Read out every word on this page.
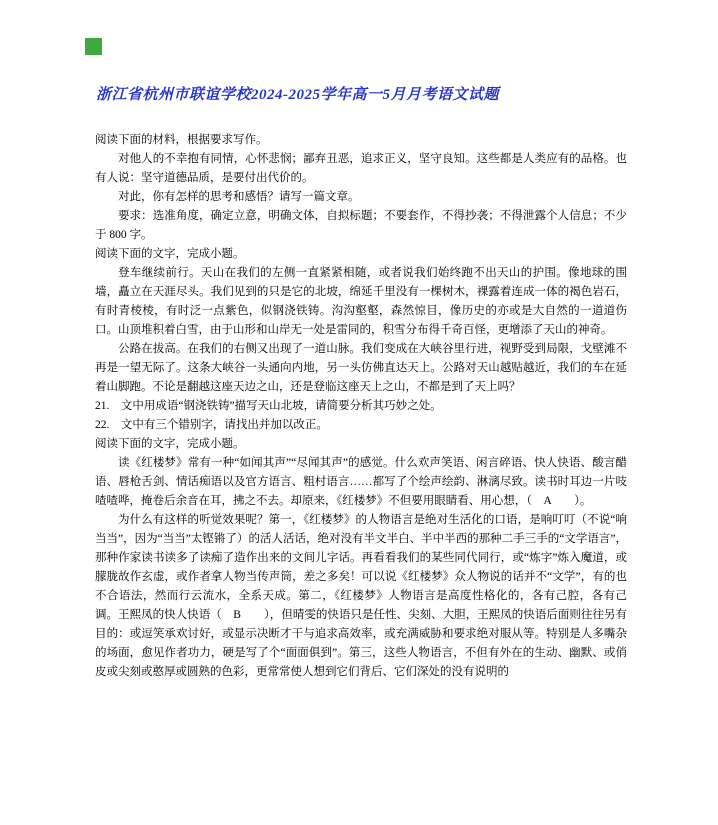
浙江省杭州市联谊学校2024-2025学年高一5月月考语文试题

阅读下面的材料，根据要求写作。

对他人的不幸抱有同情，心怀悲悯；鄙弃丑恶，追求正义，坚守良知。这些都是人类应有的品格。也有人说：坚守道德品质，是要付出代价的。

对此，你有怎样的思考和感悟？请写一篇文章。

要求：选准角度，确定立意，明确文体，自拟标题；不要套作，不得抄袭；不得泄露个人信息；不少于 800 字。

阅读下面的文字，完成小题。

登车继续前行。天山在我们的左侧一直紧紧相随，或者说我们始终跑不出天山的护围。像地球的围墙，矗立在天涯尽头。我们见到的只是它的北坡，绵延千里没有一棵树木，裸露着连成一体的褐色岩石，有时青棱棱，有时泛一点紫色，似钢浇铁铸。沟沟壑壑，森然惊目，像历史的亦或是大自然的一道道伤口。山顶堆积着白雪，由于山形和山岸无一处是雷同的，积雪分布得千奇百怪，更增添了天山的神奇。

公路在拔高。在我们的右侧又出现了一道山脉。我们变成在大峡谷里行进，视野受到局限，戈壁滩不再是一望无际了。这条大峡谷一头通向内地，另一头仿佛直达天上。公路对天山越贴越近，我们的车在延着山脚跑。不论是翻越这座天边之山，还是登临这座天上之山，不都是到了天上吗？

21.　文中用成语“钢浇铁铸”描写天山北坡，请简要分析其巧妙之处。

22.　文中有三个错别字，请找出并加以改正。

阅读下面的文字，完成小题。

读《红楼梦》常有一种“如闻其声”“尽闻其声”的感觉。什么欢声笑语、闲言碎语、快人快语、酸言醋语、唇枪舌剑、情话痴语以及官方语言、粗村语言……都写了个绘声绘韵、淋漓尽致。读书时耳边一片吱喳喳哗，掩卷后余音在耳，拂之不去。却原来，《红楼梦》不但要用眼睛看、用心想，（　A　　）。

为什么有这样的听觉效果呢？第一，《红楼梦》的人物语言是绝对生活化的口语，是响叮叮（不说“响当当”，因为“当当”太铿锵了）的活人活话，绝对没有半文半白、半中半西的那种二手三手的“文学语言”，那种作家读书读多了读痴了造作出来的文间儿字话。再看看我们的某些同代同行，或“炼字”炼入魔道，或朦胧故作玄虚，或作者拿人物当传声筒，差之多矣！可以说《红楼梦》众人物说的话并不“文学”，有的也不合语法，然而行云流水，全系天成。第二，《红楼梦》人物语言是高度性格化的，各有己腔，各有己调。王熙凤的快人快语（　B　　），但晴雯的快语只是任性、尖刻、大胆，王熙凤的快语后面则往往另有目的：或逗笑承欢讨好，或显示决断才干与追求高效率，或充满威胁和要求绝对服从等。特别是人多嘴杂的场面，愈见作者功力，硬是写了个“面面俱到”。第三，这些人物语言，不但有外在的生动、幽默、或俏皮或尖刻或憨厚或圆熟的色彩，更常常使人想到它们背后、它们深处的没有说明的
